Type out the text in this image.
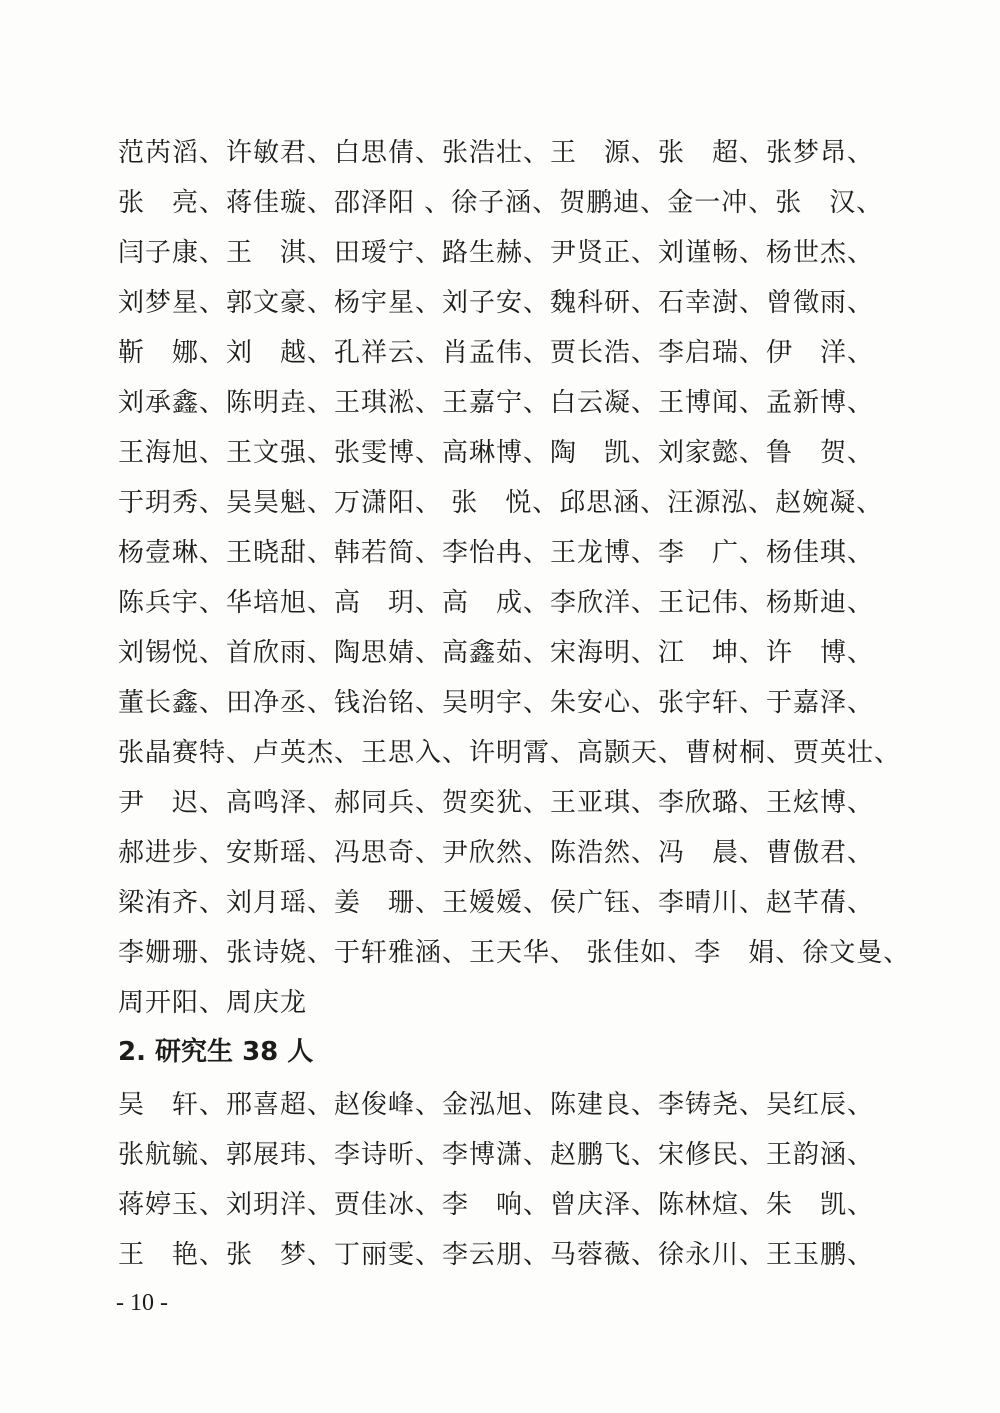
范芮滔、许敏君、白思倩、张浩壮、王　源、张　超、张梦昂、
张　亮、蒋佳璇、邵泽阳 、徐子涵、贺鹏迪、金一冲、张　汉、
闫子康、王　淇、田瑷宁、路生赫、尹贤正、刘谨畅、杨世杰、
刘梦星、郭文豪、杨宇星、刘子安、魏科研、石幸澍、曾徵雨、
靳　娜、刘　越、孔祥云、肖孟伟、贾长浩、李启瑞、伊　洋、
刘承鑫、陈明垚、王琪淞、王嘉宁、白云凝、王博闻、孟新博、
王海旭、王文强、张雯博、高琳博、陶　凯、刘家懿、鲁　贺、
于玥秀、吴昊魁、万潇阳、 张　悦、邱思涵、汪源泓、赵婉凝、
杨壹琳、王晓甜、韩若简、李怡冉、王龙博、李　广、杨佳琪、
陈兵宇、华培旭、高　玥、高　成、李欣洋、王记伟、杨斯迪、
刘锡悦、首欣雨、陶思婧、高鑫茹、宋海明、江　坤、许　博、
董长鑫、田净丞、钱治铭、吴明宇、朱安心、张宇轩、于嘉泽、
张晶赛特、卢英杰、王思入、许明霄、高颢天、曹树桐、贾英壮、
尹　迟、高鸣泽、郝同兵、贺奕犹、王亚琪、李欣璐、王炫博、
郝进步、安斯瑶、冯思奇、尹欣然、陈浩然、冯　晨、曹傲君、
梁洧齐、刘月瑶、姜　珊、王嫒嫒、侯广钰、李晴川、赵芊蒨、
李姗珊、张诗娆、于轩雅涵、王天华、 张佳如、李　娟、徐文曼、
周开阳、周庆龙
2. 研究生 38 人
吴　轩、邢喜超、赵俊峰、金泓旭、陈建良、李铸尧、吴红辰、
张航毓、郭展玮、李诗昕、李博潇、赵鹏飞、宋修民、王韵涵、
蒋婷玉、刘玥洋、贾佳冰、李　响、曾庆泽、陈林煊、朱　凯、
王　艳、张　梦、丁丽雯、李云朋、马蓉薇、徐永川、王玉鹏、
- 10 -
